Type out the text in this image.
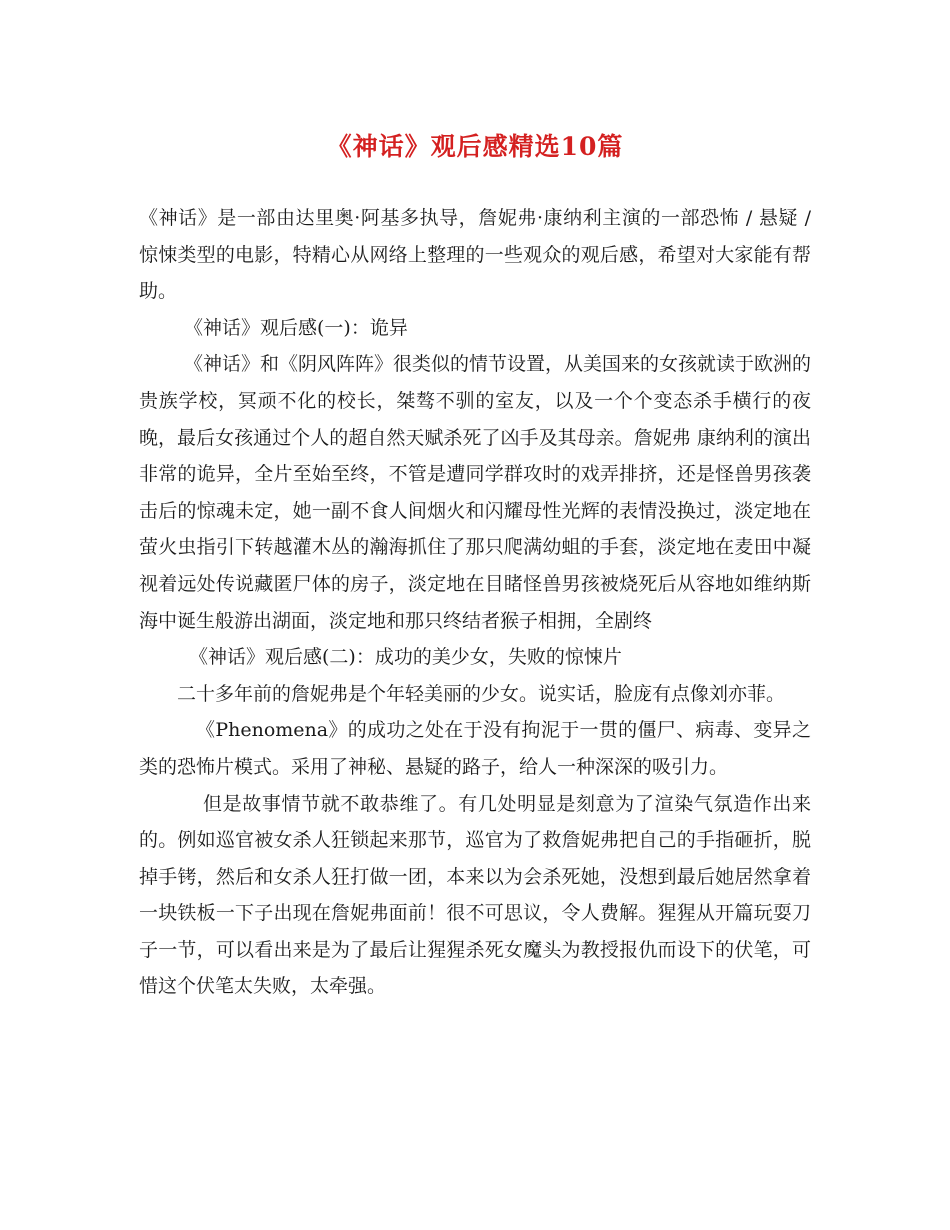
《神话》观后感精选10篇

《神话》是一部由达里奥·阿基多执导，詹妮弗·康纳利主演的一部恐怖 / 悬疑 / 惊悚类型的电影，特精心从网络上整理的一些观众的观后感，希望对大家能有帮助。

《神话》观后感(一)：诡异

《神话》和《阴风阵阵》很类似的情节设置，从美国来的女孩就读于欧洲的贵族学校，冥顽不化的校长，桀骜不驯的室友，以及一个个变态杀手横行的夜晚，最后女孩通过个人的超自然天赋杀死了凶手及其母亲。詹妮弗 康纳利的演出非常的诡异，全片至始至终，不管是遭同学群攻时的戏弄排挤，还是怪兽男孩袭击后的惊魂未定，她一副不食人间烟火和闪耀母性光辉的表情没换过，淡定地在萤火虫指引下转越灌木丛的瀚海抓住了那只爬满幼蛆的手套，淡定地在麦田中凝视着远处传说藏匿尸体的房子，淡定地在目睹怪兽男孩被烧死后从容地如维纳斯海中诞生般游出湖面，淡定地和那只终结者猴子相拥，全剧终

《神话》观后感(二)：成功的美少女，失败的惊悚片

二十多年前的詹妮弗是个年轻美丽的少女。说实话，脸庞有点像刘亦菲。

《Phenomena》的成功之处在于没有拘泥于一贯的僵尸、病毒、变异之类的恐怖片模式。采用了神秘、悬疑的路子，给人一种深深的吸引力。

但是故事情节就不敢恭维了。有几处明显是刻意为了渲染气氛造作出来的。例如巡官被女杀人狂锁起来那节，巡官为了救詹妮弗把自己的手指砸折，脱掉手铐，然后和女杀人狂打做一团，本来以为会杀死她，没想到最后她居然拿着一块铁板一下子出现在詹妮弗面前！很不可思议，令人费解。猩猩从开篇玩耍刀子一节，可以看出来是为了最后让猩猩杀死女魔头为教授报仇而设下的伏笔，可惜这个伏笔太失败，太牵强。
